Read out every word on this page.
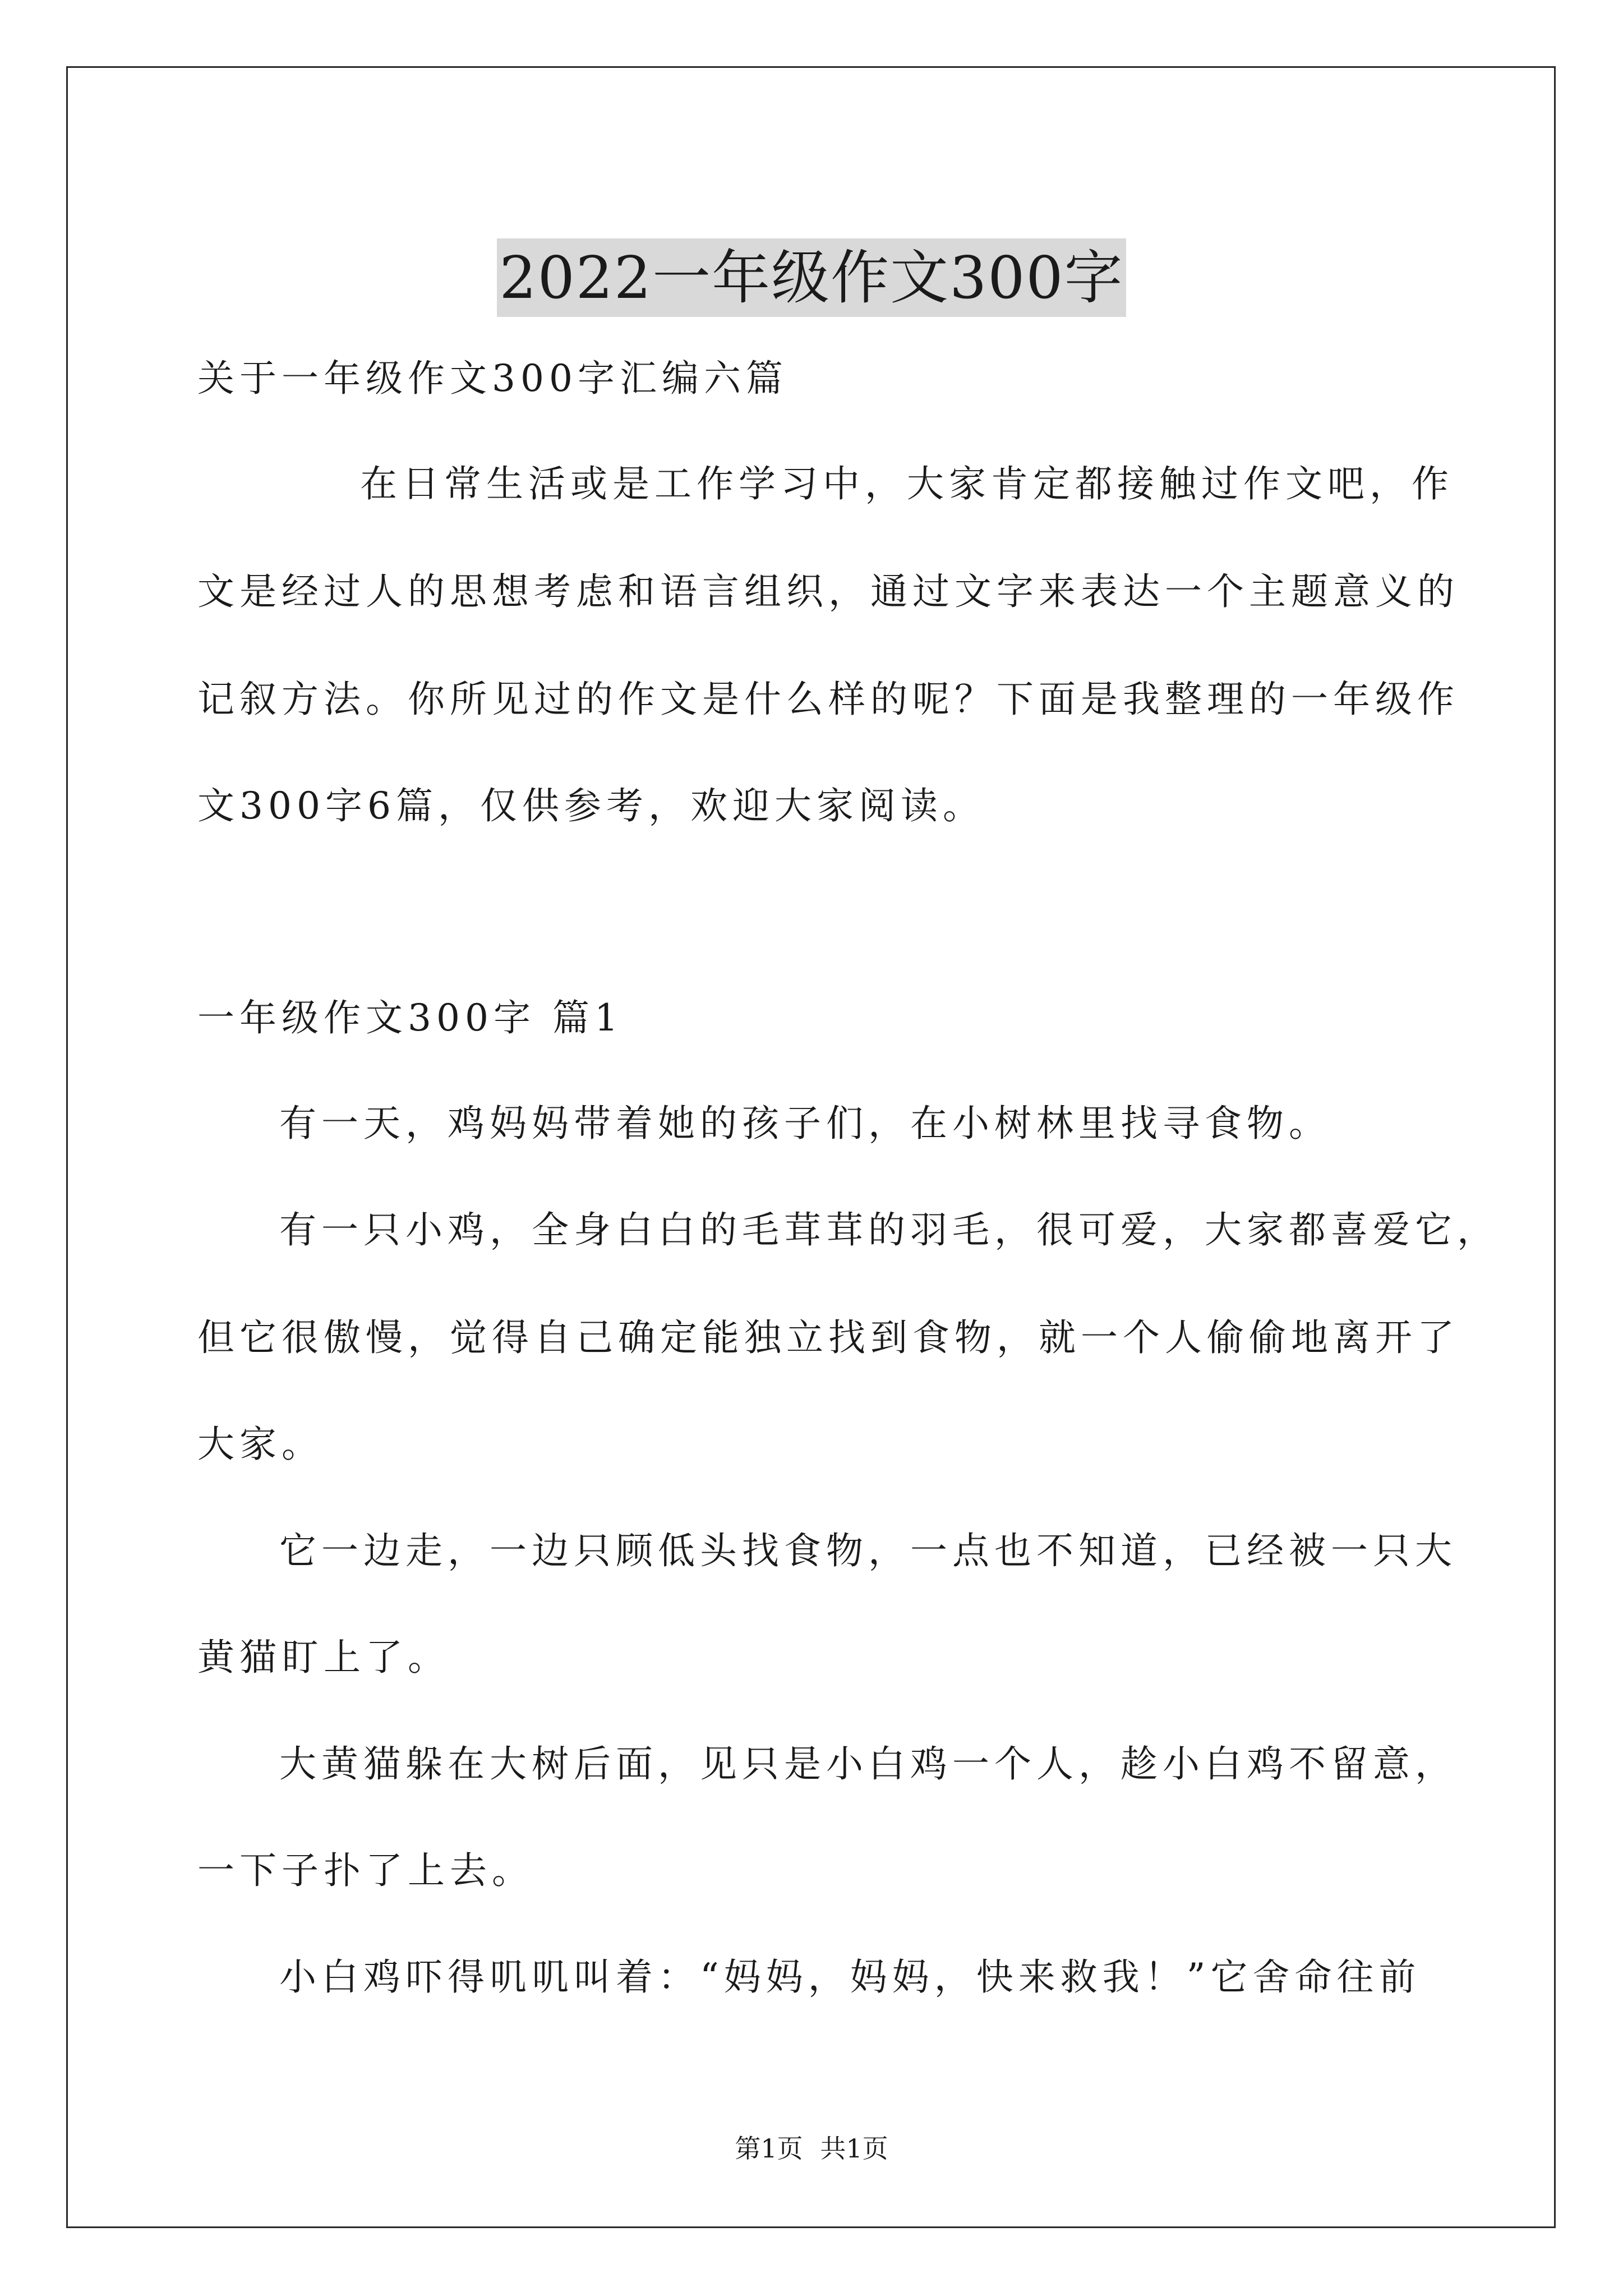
2022一年级作文300字
关于一年级作文300字汇编六篇
在日常生活或是工作学习中，大家肯定都接触过作文吧，作
文是经过人的思想考虑和语言组织，通过文字来表达一个主题意义的
记叙方法。你所见过的作文是什么样的呢？下面是我整理的一年级作
文300字6篇，仅供参考，欢迎大家阅读。
一年级作文300字 篇1
有一天，鸡妈妈带着她的孩子们，在小树林里找寻食物。
有一只小鸡，全身白白的毛茸茸的羽毛，很可爱，大家都喜爱它，
但它很傲慢，觉得自己确定能独立找到食物，就一个人偷偷地离开了
大家。
它一边走，一边只顾低头找食物，一点也不知道，已经被一只大
黄猫盯上了。
大黄猫躲在大树后面，见只是小白鸡一个人，趁小白鸡不留意，
一下子扑了上去。
小白鸡吓得叽叽叫着：“妈妈，妈妈，快来救我！”它舍命往前
第1页 共1页
